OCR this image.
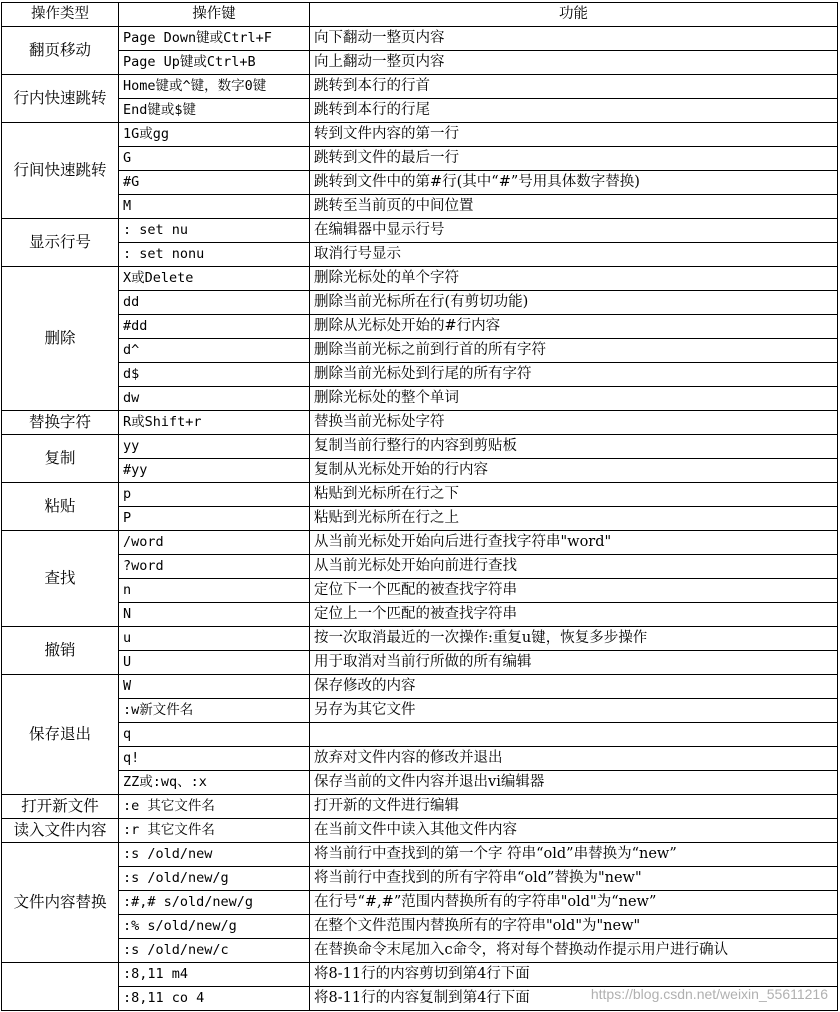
操作类型	操作键	功能
翻页移动	Page Down键或Ctrl+F	向下翻动一整页内容
	Page Up键或Ctrl+B	向上翻动一整页内容
行内快速跳转	Home键或^键，数字0键	跳转到本行的行首
	End键或$键	跳转到本行的行尾
行间快速跳转	1G或gg	转到文件内容的第一行
	G	跳转到文件的最后一行
	#G	跳转到文件中的第#行(其中“#”号用具体数字替换)
	M	跳转至当前页的中间位置
显示行号	: set nu	在编辑器中显示行号
	: set nonu	取消行号显示
删除	X或Delete	删除光标处的单个字符
	dd	删除当前光标所在行(有剪切功能)
	#dd	删除从光标处开始的#行内容
	d^	删除当前光标之前到行首的所有字符
	d$	删除当前光标处到行尾的所有字符
	dw	删除光标处的整个单词
替换字符	R或Shift+r	替换当前光标处字符
复制	yy	复制当前行整行的内容到剪贴板
	#yy	复制从光标处开始的行内容
粘贴	p	粘贴到光标所在行之下
	P	粘贴到光标所在行之上
查找	/word	从当前光标处开始向后进行查找字符串"word"
	?word	从当前光标处开始向前进行查找
	n	定位下一个匹配的被查找字符串
	N	定位上一个匹配的被查找字符串
撤销	u	按一次取消最近的一次操作:重复u键，恢复多步操作
	U	用于取消对当前行所做的所有编辑
保存退出	W	保存修改的内容
	:w新文件名	另存为其它文件
	q	
	q!	放弃对文件内容的修改并退出
	ZZ或:wq、:x	保存当前的文件内容并退出vi编辑器
打开新文件	:e 其它文件名	打开新的文件进行编辑
读入文件内容	:r 其它文件名	在当前文件中读入其他文件内容
文件内容替换	:s /old/new	将当前行中查找到的第一个字 符串“old”串替换为“new”
	:s /old/new/g	将当前行中查找到的所有字符串“old”替换为"new"
	:#,# s/old/new/g	在行号“#,#”范围内替换所有的字符串"old"为“new”
	:% s/old/new/g	在整个文件范围内替换所有的字符串"old"为"new"
	:s /old/new/c	在替换命令末尾加入c命令，将对每个替换动作提示用户进行确认
	:8,11 m4	将8-11行的内容剪切到第4行下面
	:8,11 co 4	将8-11行的内容复制到第4行下面	https://blog.csdn.net/weixin_55611216
